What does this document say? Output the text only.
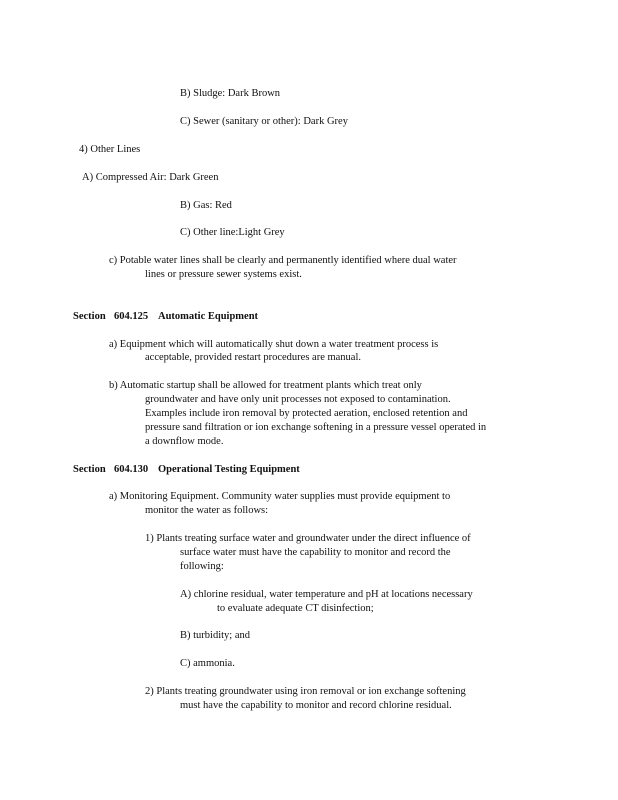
B) Sludge: Dark Brown
C) Sewer (sanitary or other): Dark Grey
4) Other Lines
A) Compressed Air: Dark Green
B) Gas: Red
C) Other line:Light Grey
c) Potable water lines shall be clearly and permanently identified where dual water
lines or pressure sewer systems exist.
Section 604.125 Automatic Equipment
a) Equipment which will automatically shut down a water treatment process is
acceptable, provided restart procedures are manual.
b) Automatic startup shall be allowed for treatment plants which treat only
groundwater and have only unit processes not exposed to contamination.
Examples include iron removal by protected aeration, enclosed retention and
pressure sand filtration or ion exchange softening in a pressure vessel operated in
a downflow mode.
Section 604.130 Operational Testing Equipment
a) Monitoring Equipment. Community water supplies must provide equipment to
monitor the water as follows:
1) Plants treating surface water and groundwater under the direct influence of
surface water must have the capability to monitor and record the
following:
A) chlorine residual, water temperature and pH at locations necessary
to evaluate adequate CT disinfection;
B) turbidity; and
C) ammonia.
2) Plants treating groundwater using iron removal or ion exchange softening
must have the capability to monitor and record chlorine residual.
